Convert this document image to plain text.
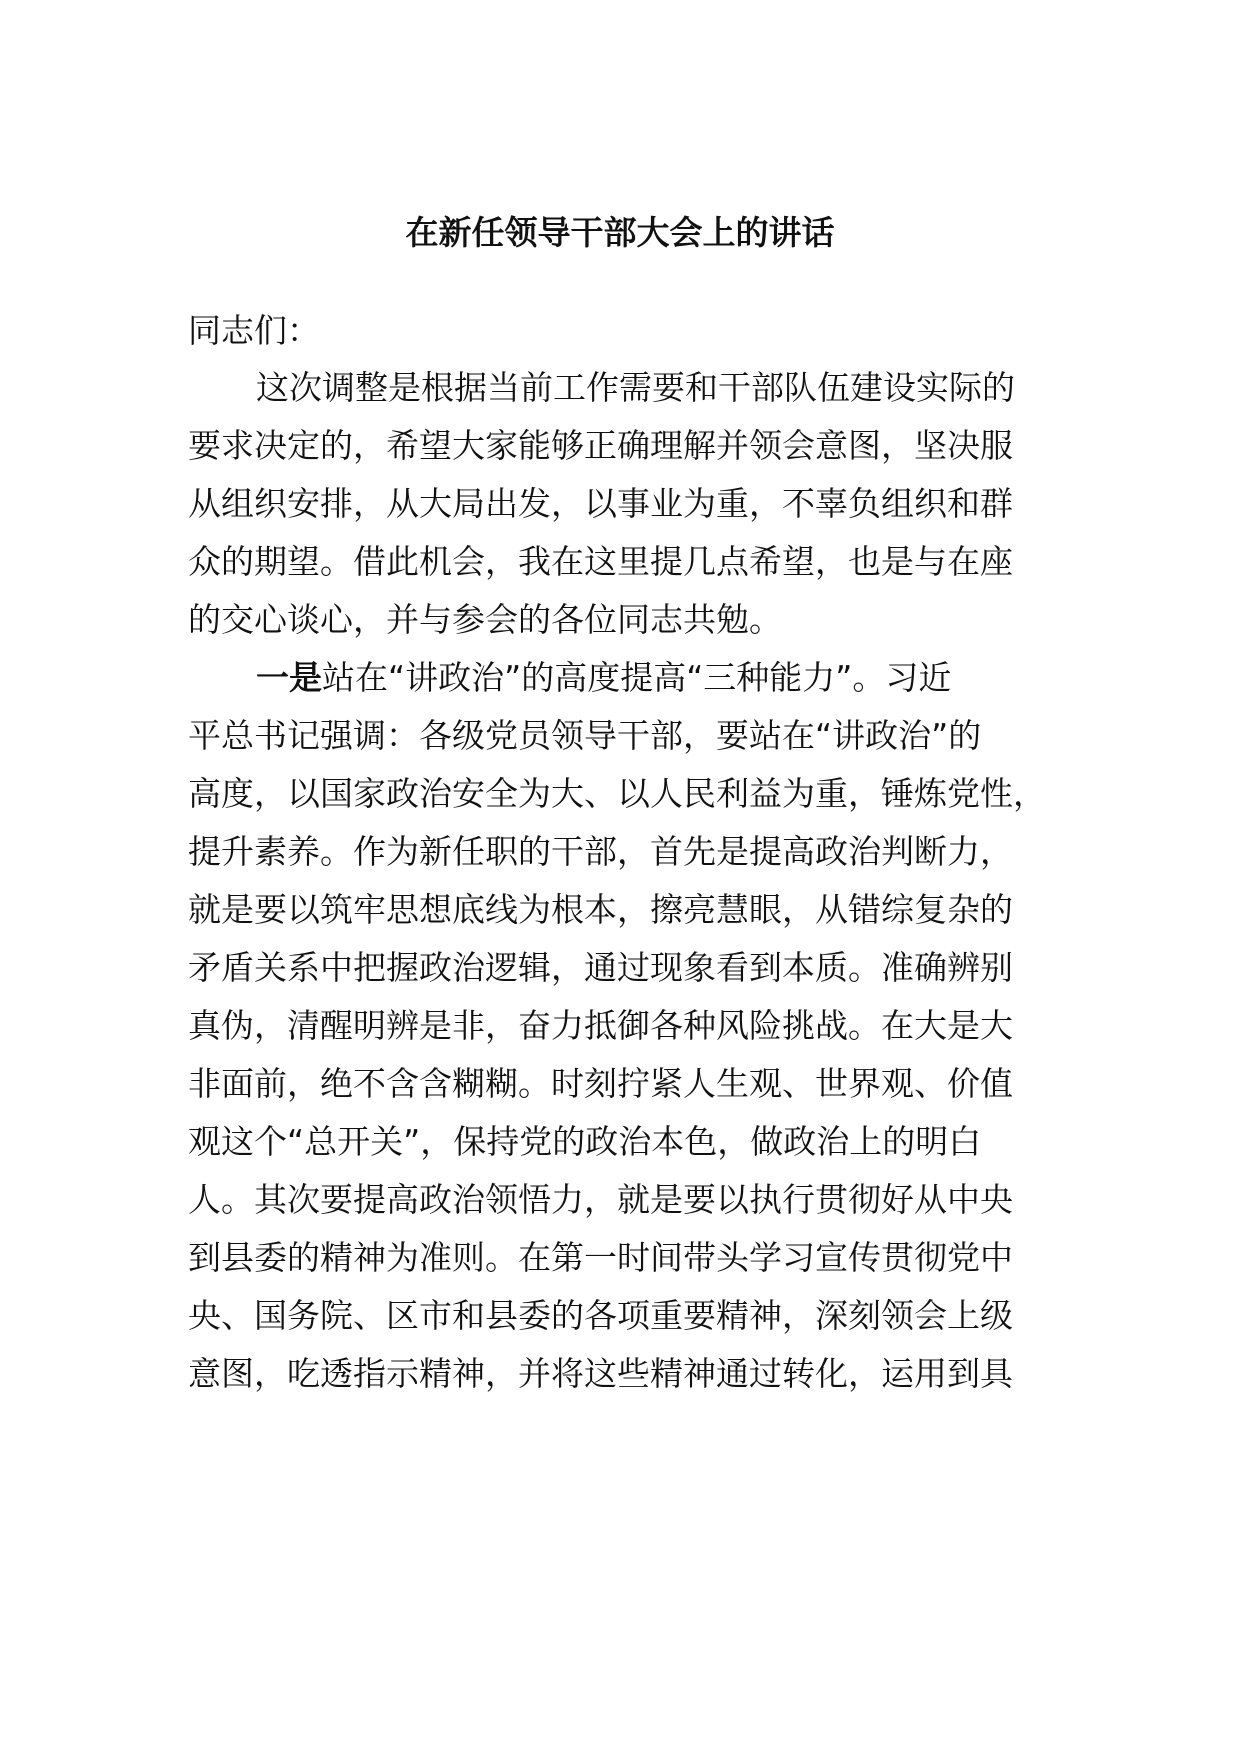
在新任领导干部大会上的讲话

同志们：

这次调整是根据当前工作需要和干部队伍建设实际的

要求决定的，希望大家能够正确理解并领会意图，坚决服

从组织安排，从大局出发，以事业为重，不辜负组织和群

众的期望。借此机会，我在这里提几点希望，也是与在座

的交心谈心，并与参会的各位同志共勉。

一是站在“讲政治”的高度提高“三种能力”。习近

平总书记强调：各级党员领导干部，要站在“讲政治”的

高度，以国家政治安全为大、以人民利益为重，锤炼党性，

提升素养。作为新任职的干部，首先是提高政治判断力，

就是要以筑牢思想底线为根本，擦亮慧眼，从错综复杂的

矛盾关系中把握政治逻辑，通过现象看到本质。准确辨别

真伪，清醒明辨是非，奋力抵御各种风险挑战。在大是大

非面前，绝不含含糊糊。时刻拧紧人生观、世界观、价值

观这个“总开关”，保持党的政治本色，做政治上的明白

人。其次要提高政治领悟力，就是要以执行贯彻好从中央

到县委的精神为准则。在第一时间带头学习宣传贯彻党中

央、国务院、区市和县委的各项重要精神，深刻领会上级

意图，吃透指示精神，并将这些精神通过转化，运用到具
